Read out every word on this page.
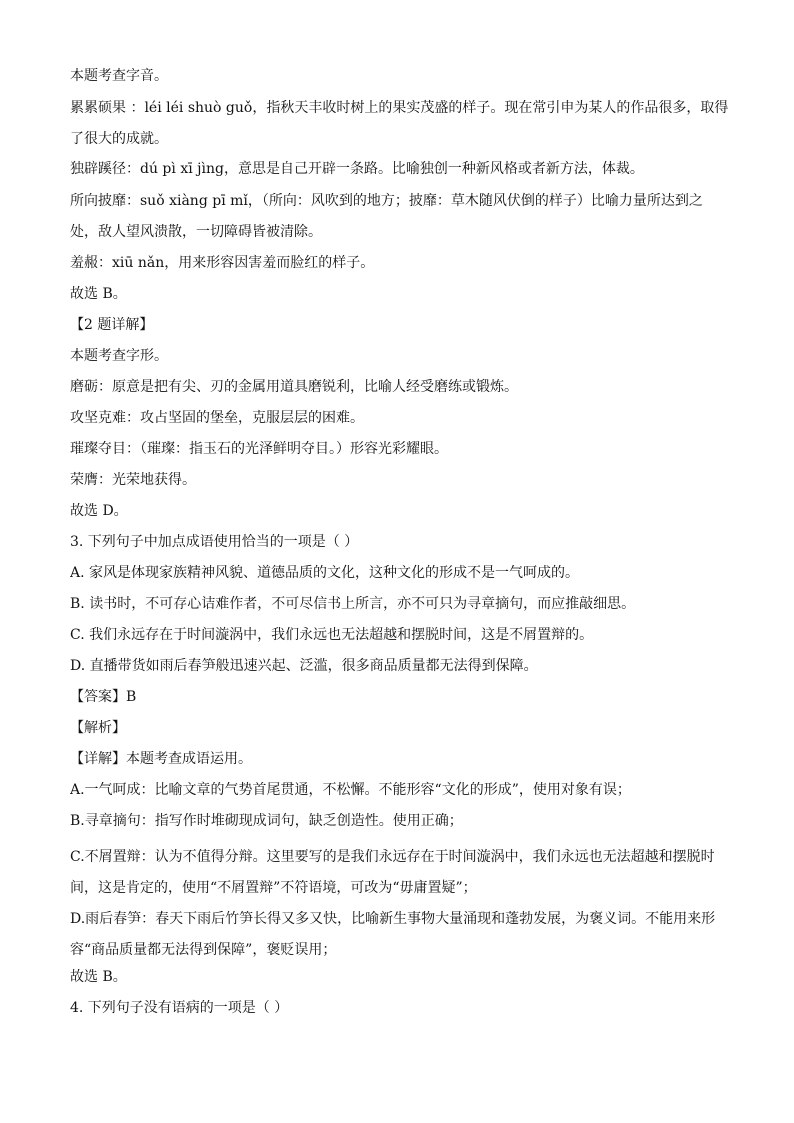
本题考查字音。
累累硕果 ：léi léi shuò guǒ，指秋天丰收时树上的果实茂盛的样子。现在常引申为某人的作品很多，取得了很大的成就。
独辟蹊径：dú pì xī jìng，意思是自己开辟一条路。比喻独创一种新风格或者新方法，体裁。
所向披靡：suǒ xiàng pī mǐ，（所向：风吹到的地方；披靡：草木随风伏倒的样子）比喻力量所达到之处，敌人望风溃散，一切障碍皆被清除。
羞赧：xiū nǎn，用来形容因害羞而脸红的样子。
故选 B。
【2 题详解】
本题考查字形。
磨砺：原意是把有尖、刃的金属用道具磨锐利，比喻人经受磨练或锻炼。
攻坚克难：攻占坚固的堡垒，克服层层的困难。
璀璨夺目：（璀璨：指玉石的光泽鲜明夺目。）形容光彩耀眼。
荣膺：光荣地获得。
故选 D。
3. 下列句子中加点成语使用恰当的一项是（ ）
A. 家风是体现家族精神风貌、道德品质的文化，这种文化的形成不是一气呵成的。
B. 读书时，不可存心诘难作者，不可尽信书上所言，亦不可只为寻章摘句，而应推敲细思。
C. 我们永远存在于时间漩涡中，我们永远也无法超越和摆脱时间，这是不屑置辩的。
D. 直播带货如雨后春笋般迅速兴起、泛滥，很多商品质量都无法得到保障。
【答案】B
【解析】
【详解】本题考查成语运用。
A.一气呵成：比喻文章的气势首尾贯通，不松懈。不能形容“文化的形成”，使用对象有误；
B.寻章摘句：指写作时堆砌现成词句，缺乏创造性。使用正确；
C.不屑置辩：认为不值得分辩。这里要写的是我们永远存在于时间漩涡中，我们永远也无法超越和摆脱时间，这是肯定的，使用“不屑置辩”不符语境，可改为“毋庸置疑”；
D.雨后春笋：春天下雨后竹笋长得又多又快，比喻新生事物大量涌现和蓬勃发展，为褒义词。不能用来形容“商品质量都无法得到保障”，褒贬误用；
故选 B。
4. 下列句子没有语病的一项是（ ）
